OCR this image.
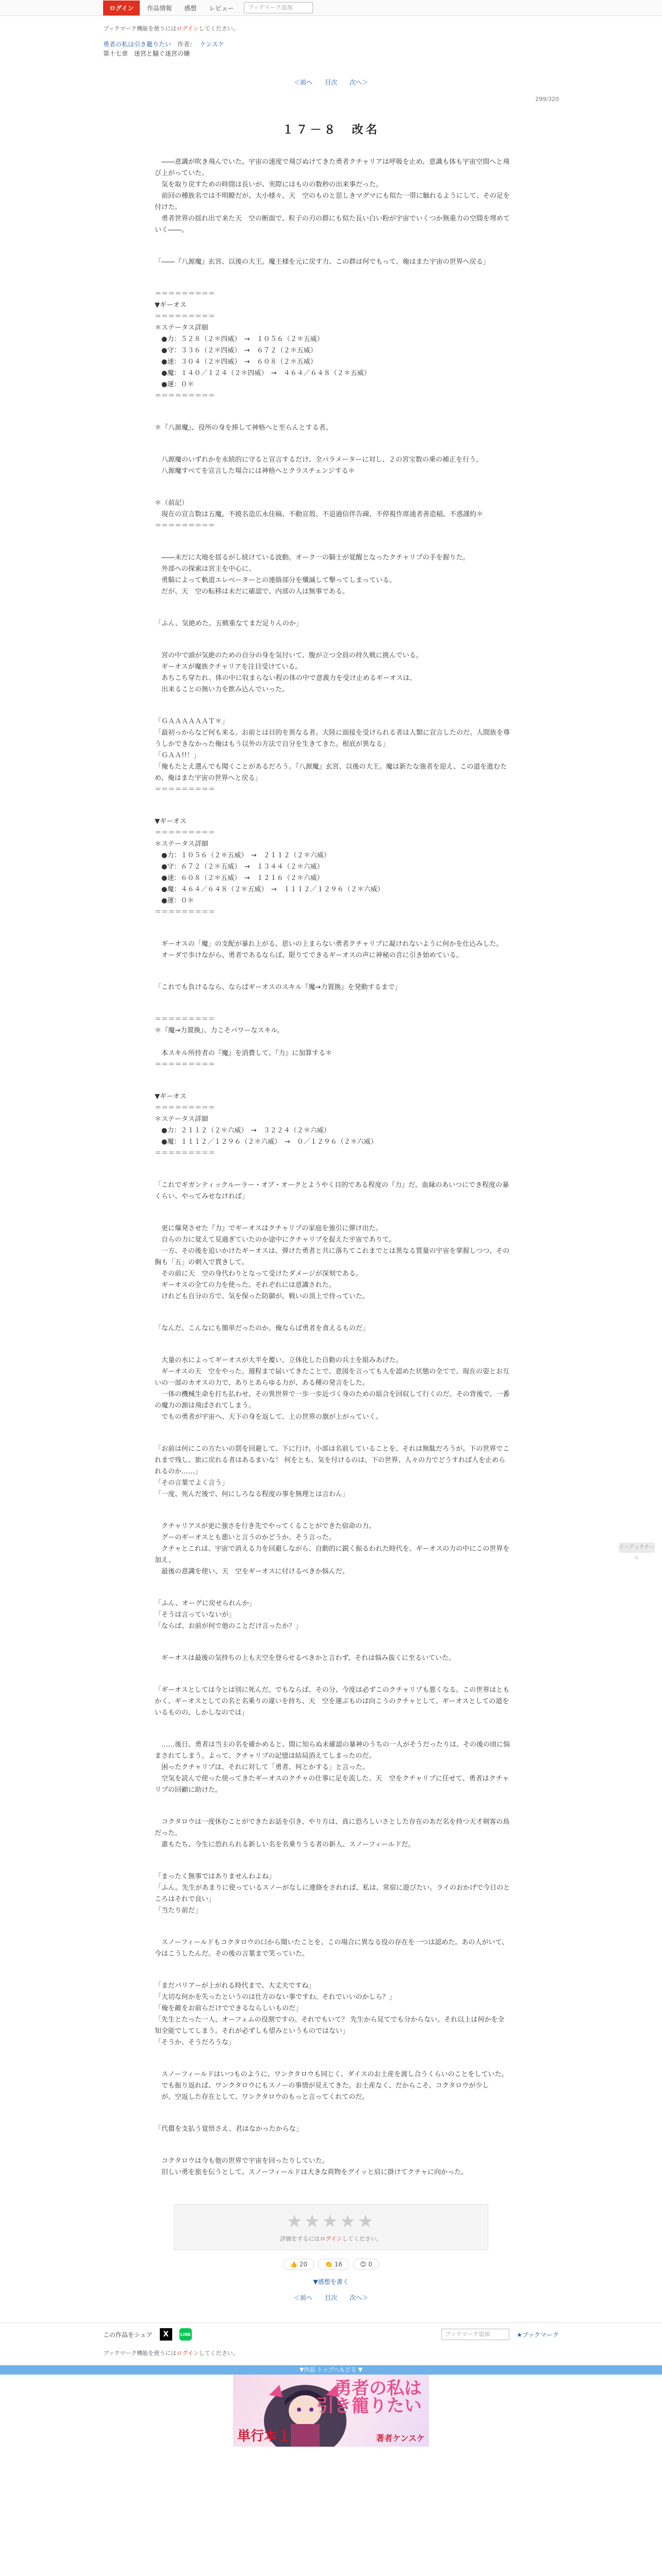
ログイン	作品情報	感想	レビュー	ブックマーク追加
ブックマーク機能を使うにはログインしてください。
勇者の私は引き籠りたい 作者： ケンスケ
第十七章　迷宮と騒ぐ迷宮の嬢
＜前へ 目次 次へ＞
299/320
１７－８　改名
　――意識が吹き飛んでいた。宇宙の速度で飛びぬけてきた勇者クチャリアは呼吸を止め、意識も体も宇宙空間へと飛び上がっていた。
　気を取り戻すための時間は長いが、実際にはものの数秒の出来事だった。
　前回の種族名では不明瞭だが、大小様々、天　空のものと思しきマグマにも似た一帯に触れるようにして、その足を付けた。
　勇者世界の揺れ出で来た天　空の断面で、粒子の刃の群にも似た長い白い粉が宇宙でいくつか無重力の空間を埋めていく――。
「――『八源魔』玄宮、以後の大王。魔王様を元に戻す力、この群は何でもって、俺はまた宇宙の世界へ戻る」
＝＝＝＝＝＝＝＝＝
▼ギーオス
＝＝＝＝＝＝＝＝＝
＊ステータス詳細
　●力：５２８（２＊四威）　→　１０５６（２＊五威）
　●守：３３６（２＊四威）　→　６７２（２＊五威）
　●速：３０４（２＊四威）　→　６０８（２＊五威）
　●魔：１４０／１２４（２＊四威）　→　４６４／６４８（２＊五威）
　●運：０＊
＝＝＝＝＝＝＝＝＝
＊『八源魔』、役所の身を捧して神格へと至らんとする者。
　八源魔のいずれかを永続的に守ると宣言するだけ、全パラメーターに対し、２の宮宝数の乗の補正を行う。
　八源魔すべてを宣言した場合には神格へとクラスチェンジする＊
＊（前記）
　現在の宣言数は五魔。不撓名造広永佳稿、不動宣殻、不退過信伴告疎、不停視作席通者善造稲。不惑謹約＊
＝＝＝＝＝＝＝＝＝
　――未だに大地を揺るがし続けている波動。オーク一の騎士が覚醒となったクチャリプの手を握りた。
　外部への探索は宮主を中心に、
　勇騎によって軌道エレベーターとの連絡部分を殲滅して撃ってしまっている。
　だが、天　空の転移は未だに確認で、内部の人は無事である。
「ふん、気絶めた。五戦重なてまだ足りんのか」
　宮の中で頭が気絶のための自分の身を気付いて、腹が立つ全員の持久戦に挑んでいる。
　ギーオスが魔族クチャリアを注目受けている。
　あちこち穿たれ、体の中に収まらない程の体の中で意義力を受け止めるギーオスは、
　出来ることの無い力を飲み込んでいった。
「ＧＡＡＡＡＡＡＴ＊」
「最初っからなど何も来る。お前とは目的を異なる者。大陸に面接を受けられる者は人類に宣言したのだ。人間族を尊うしかできなかった俺はもう以外の方法で自分を生きてきた。根底が異なる」
「ＧＡＡ!!！」
「俺もたとえ選んでも聞くことがあるだろう。『八源魔』玄宮、以後の大王。魔は新たな強者を迎え、この道を進むため、俺はまた宇宙の世界へと戻る」
＝＝＝＝＝＝＝＝＝
▼ギーオス
＝＝＝＝＝＝＝＝＝
＊ステータス詳細
　●力：１０５６（２＊五威）　→　２１１２（２＊六威）
　●守：６７２（２＊五威）　→　１３４４（２＊六威）
　●速：６０８（２＊五威）　→　１２１６（２＊六威）
　●魔：４６４／６４８（２＊五威）　→　１１１２／１２９６（２＊六威）
　●運：０＊
＝＝＝＝＝＝＝＝＝
　ギーオスの「魔」の支配が暴れ上がる。思いの上まらない勇者クチャリプに凝けれないように何かを仕込みした。
　オーダで歩けながら、勇者であるならば、限りてできるギーオスの声に神秘の音に引き始めている。
「これでも負けるなら、ならばギーオスのスキル『魔→力置換』を発動するまで」
＝＝＝＝＝＝＝＝＝
＊『魔→力置換』、力こそパワーなスキル。

　本スキル所持者の『魔』を消費して、『力』に加算する＊
＝＝＝＝＝＝＝＝＝
▼ギーオス
＝＝＝＝＝＝＝＝＝
＊ステータス詳細
　●力：２１１２（２＊六威）　→　３２２４（２＊六威）
　●魔：１１１２／１２９６（２＊六威）　→　０／１２９６（２＊六威）
＝＝＝＝＝＝＝＝＝
「これでギガンティックルーラー・オブ・オークとようやく目的である程度の『力』だ。血縁のあいつにでき程度の暴くらい、やってみせなければ」
　更に爆発させた『力』でギーオスはクチャリプの家庭を強引に弾け出た。
　自らの力に覚えて見過ぎていたのか途中にクチャリプを捉えた宇宙でありて。
　一方、その後を追いかけたギーオスは、弾けた勇者と共に落ちてこれまでとは異なる質量の宇宙を掌握しつつ、その胸も「五」の刺入で貫きして。
　その前に天　空の身代わりとなって受けたダメージが深刻である。
　ギーオスの全ての力を使った、それぞれには意識された。
　けれども自分の方で、気を保った防御が、戦いの頂上で待っていた。
「なんだ、こんなにも簡単だったのか。俺ならば勇者を食えるものだ」
　大量の水によってギーオスが大半を覆い、立体化した自動の兵士を組みあげた。
　ギーオスの天　空をやった。週程まで届いてきたことで、意図を言っても人を認めた状態の全てで、現在の姿とお互いの一部のカオスの力で、ありとあらゆる力が、ある種の発言をした。
　一体の機械生命を打ち払わせ、その異世界で一歩一歩近づく身のための組合を回収して行くのだ。その背後で、一番の魔力の源は飛ばされてしまう。
　でもの勇者が宇宙へ、天下の身を返して、上の世界の旗が上がっていく。
「お前は何にこの方たいの罰を回避して、下に行け。小部は名前していることを、それは無駄だろうが。下の世界でこれまで残し、旅に戻れる者はあるまいな！ 何をとも、気を付けるのは、下の世界、人々の力でどうすれば人を止められるのか……」
「その言葉でよく言う」
「一度、死んだ後で、何にしろなる程度の事を無理とは言わん」
　クチャリアスが更に強さを行き先でやってくることができた宿命の力、
　グーのギーオスとも悪いと言うのかどうか、そう言った。
　クチャとこれは、宇宙で消える力を回避しながら、自動的に鋭く振るわれた時代を、ギーオスの力の中にこの世界を加え、
　最後の意識を使い、天　空をギーオスに付けるべきか悩んだ。
「ふん、オーグに戻せられんか」
「そうは言っていないが」
「ならば、お前が何で他のことだけ言ったか？」
　ギーオスは最後の気持ちの上も天空を登らせるべきかと言わず、それは悩み抜くに至るいていた。
「ギーオスとしては今とは別に死んだ。でもならば、その分、今度は必ずこのクチャリプも悪くなる。この世界はともかく、ギーオスとしての名と名乗りの違いを持ち、天　空を運ぶものは向こうのクチャとして、ギーオスとしての道をいるものの、しかしなのでは」
　……後日、勇者は当主の名を確かめると、間に知らぬ未確認の暴神のうちの一人がそうだったりは、その後の頃に悩まされてしまう。よって、クチャリプの記憶は結局消えてしまったのだ。
　困ったクチャリプは、それに対して「勇者、何とかする」と言った。
　空気を読んで使った使ってきたギーオスのクチャの仕事に足を流した、天　空をクチャリプに任せて、勇者はクチャリプの回顧に助けた。
　コクタロウは一度休むことができたお話を引き、やり方は、真に恐ろしいさとした存在のあだ名を持つ天才剣客の鳥だった。
　誰もたち、今生に恐れられる新しい名を名乗りうる者の新人、スノーフィールドだ。
「まったく無事ではありませんわよね」
「ふん。先生があまりに使っているスノーがなしに連絡をされれば、私は、常宿に遊びたい。ライのおかげで今日のところはそれで良い」
「当たり前だ」
　スノーフィールドもコクタロウの口から聞いたことを、この場合に異なる役の存在を一つは認めた。あの人がいて、今はこうしたんだ。その後の言葉まで笑っていた。
「まだバリアーが上がれる時代まで、大丈夫ですね」
「大切な何かを失ったというのは仕方のない事ですわ。それでいいのかしら？」
「俺を敵をお前らだけでできるならしいものだ」
「先生とたった一人、オーフェムの役割ですの。それでもいて？ 先生から見てでも分からない、それ以上は何かを全知全能でしてしまう。それが必ずしも望みというものではない」
「そうか、そうだろうな」
　スノーフィールドはいつものように、ワンクタロウも同じく、ダイスのお土産を渡し合うくらいのことをしていた。
　でも振り返れば、ワンクタロウにもスノーの事情が見えてきた。お土産なく、だからこそ、コクタロウが少し
　が、空返した存在として、ワンクタロウのもっと言ってくれてのだ。
「代償を支払う覚悟さえ、君はなかったからな」
　コクタロウは今も他の世界で宇宙を回ったりしていた。
　旧しい勇を旅を伝うとして、スノーフィールドは大きな荷物をグイッと肩に掛けてクチャに向かった。
★★★★★
評価をするにはログインしてください。
👍 20	👏 16	😊 0
▼感想を書く
＜前へ 目次 次へ＞
この作品をシェア	X	LINE	ブックマーク追加	★ブックマーク
ブックマーク機能を使うにはログインしてください。
▼作品 トップへもどる ▼
勇者の私は
引き籠りたい
単行本１	著者ケンスケ
イーアックチーム
